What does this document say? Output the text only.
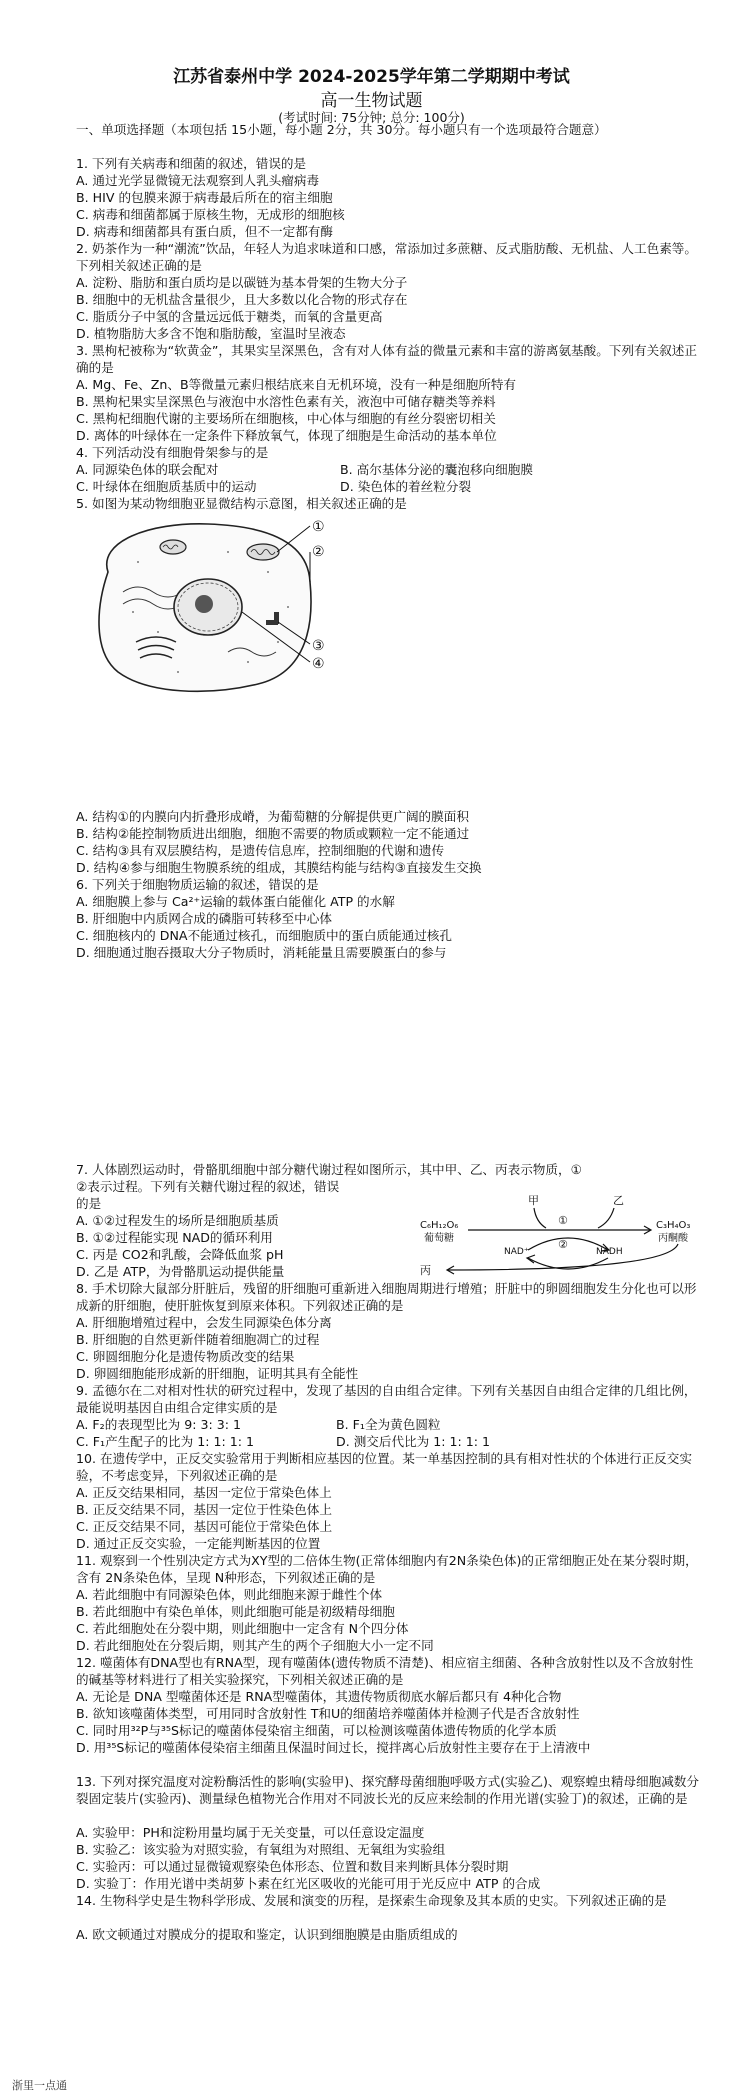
江苏省泰州中学 2024-2025学年第二学期期中考试
高一生物试题
(考试时间: 75分钟; 总分: 100分)
一、单项选择题（本项包括 15小题，每小题 2分，共 30分。每小题只有一个选项最符合题意）
1. 下列有关病毒和细菌的叙述，错误的是
A. 通过光学显微镜无法观察到人乳头瘤病毒
B. HIV 的包膜来源于病毒最后所在的宿主细胞
C. 病毒和细菌都属于原核生物，无成形的细胞核
D. 病毒和细菌都具有蛋白质，但不一定都有酶
2. 奶茶作为一种“潮流”饮品，年轻人为追求味道和口感，常添加过多蔗糖、反式脂肪酸、无机盐、人工色素等。下列相关叙述正确的是
A. 淀粉、脂肪和蛋白质均是以碳链为基本骨架的生物大分子
B. 细胞中的无机盐含量很少，且大多数以化合物的形式存在
C. 脂质分子中氢的含量远远低于糖类，而氧的含量更高
D. 植物脂肪大多含不饱和脂肪酸，室温时呈液态
3. 黑枸杞被称为“软黄金”，其果实呈深黑色，含有对人体有益的微量元素和丰富的游离氨基酸。下列有关叙述正确的是
A. Mg、Fe、Zn、B等微量元素归根结底来自无机环境，没有一种是细胞所特有
B. 黑枸杞果实呈深黑色与液泡中水溶性色素有关，液泡中可储存糖类等养料
C. 黑枸杞细胞代谢的主要场所在细胞核，中心体与细胞的有丝分裂密切相关
D. 离体的叶绿体在一定条件下释放氧气，体现了细胞是生命活动的基本单位
4. 下列活动没有细胞骨架参与的是
A. 同源染色体的联会配对	B. 高尔基体分泌的囊泡移向细胞膜
C. 叶绿体在细胞质基质中的运动	D. 染色体的着丝粒分裂
5. 如图为某动物细胞亚显微结构示意图，相关叙述正确的是
①
②
③
④
A. 结构①的内膜向内折叠形成嵴，为葡萄糖的分解提供更广阔的膜面积
B. 结构②能控制物质进出细胞，细胞不需要的物质或颗粒一定不能通过
C. 结构③具有双层膜结构，是遗传信息库，控制细胞的代谢和遗传
D. 结构④参与细胞生物膜系统的组成，其膜结构能与结构③直接发生交换
6. 下列关于细胞物质运输的叙述，错误的是
A. 细胞膜上参与 Ca²⁺运输的载体蛋白能催化 ATP 的水解
B. 肝细胞中内质网合成的磷脂可转移至中心体
C. 细胞核内的 DNA不能通过核孔，而细胞质中的蛋白质能通过核孔
D. 细胞通过胞吞摄取大分子物质时，消耗能量且需要膜蛋白的参与
7. 人体剧烈运动时，骨骼肌细胞中部分糖代谢过程如图所示，其中甲、乙、丙表示物质，①
②表示过程。下列有关糖代谢过程的叙述，错误
的是
A. ①②过程发生的场所是细胞质基质
B. ①②过程能实现 NAD的循环利用
C. 丙是 CO2和乳酸，会降低血浆 pH
D. 乙是 ATP，为骨骼肌运动提供能量
甲	乙
C₆H₁₂O₆
葡萄糖
C₃H₄O₃
丙酮酸
①
②
NAD⁺	NADH
丙
8. 手术切除大鼠部分肝脏后，残留的肝细胞可重新进入细胞周期进行增殖；肝脏中的卵圆细胞发生分化也可以形成新的肝细胞，使肝脏恢复到原来体积。下列叙述正确的是
A. 肝细胞增殖过程中，会发生同源染色体分离
B. 肝细胞的自然更新伴随着细胞凋亡的过程
C. 卵圆细胞分化是遗传物质改变的结果
D. 卵圆细胞能形成新的肝细胞，证明其具有全能性
9. 孟德尔在二对相对性状的研究过程中，发现了基因的自由组合定律。下列有关基因自由组合定律的几组比例，最能说明基因自由组合定律实质的是
A. F₂的表现型比为 9: 3: 3: 1	B. F₁全为黄色圆粒
C. F₁产生配子的比为 1: 1: 1: 1	D. 测交后代比为 1: 1: 1: 1
10. 在遗传学中，正反交实验常用于判断相应基因的位置。某一单基因控制的具有相对性状的个体进行正反交实验，不考虑变异，下列叙述正确的是
A. 正反交结果相同，基因一定位于常染色体上
B. 正反交结果不同，基因一定位于性染色体上
C. 正反交结果不同，基因可能位于常染色体上
D. 通过正反交实验，一定能判断基因的位置
11. 观察到一个性别决定方式为XY型的二倍体生物(正常体细胞内有2N条染色体)的正常细胞正处在某分裂时期，含有 2N条染色体，呈现 N种形态，下列叙述正确的是
A. 若此细胞中有同源染色体，则此细胞来源于雌性个体
B. 若此细胞中有染色单体，则此细胞可能是初级精母细胞
C. 若此细胞处在分裂中期，则此细胞中一定含有 N个四分体
D. 若此细胞处在分裂后期，则其产生的两个子细胞大小一定不同
12. 噬菌体有DNA型也有RNA型，现有噬菌体(遗传物质不清楚)、相应宿主细菌、各种含放射性以及不含放射性的碱基等材料进行了相关实验探究，下列相关叙述正确的是
A. 无论是 DNA 型噬菌体还是 RNA型噬菌体，其遗传物质彻底水解后都只有 4种化合物
B. 欲知该噬菌体类型，可用同时含放射性 T和U的细菌培养噬菌体并检测子代是否含放射性
C. 同时用³²P与³⁵S标记的噬菌体侵染宿主细菌，可以检测该噬菌体遗传物质的化学本质
D. 用³⁵S标记的噬菌体侵染宿主细菌且保温时间过长，搅拌离心后放射性主要存在于上清液中
13. 下列对探究温度对淀粉酶活性的影响(实验甲)、探究酵母菌细胞呼吸方式(实验乙)、观察蝗虫精母细胞减数分裂固定装片(实验丙)、测量绿色植物光合作用对不同波长光的反应来绘制的作用光谱(实验丁)的叙述，正确的是
A. 实验甲：PH和淀粉用量均属于无关变量，可以任意设定温度
B. 实验乙：该实验为对照实验，有氧组为对照组、无氧组为实验组
C. 实验丙：可以通过显微镜观察染色体形态、位置和数目来判断具体分裂时期
D. 实验丁：作用光谱中类胡萝卜素在红光区吸收的光能可用于光反应中 ATP 的合成
14. 生物科学史是生物科学形成、发展和演变的历程，是探索生命现象及其本质的史实。下列叙述正确的是
A. 欧文顿通过对膜成分的提取和鉴定，认识到细胞膜是由脂质组成的
浙里一点通
